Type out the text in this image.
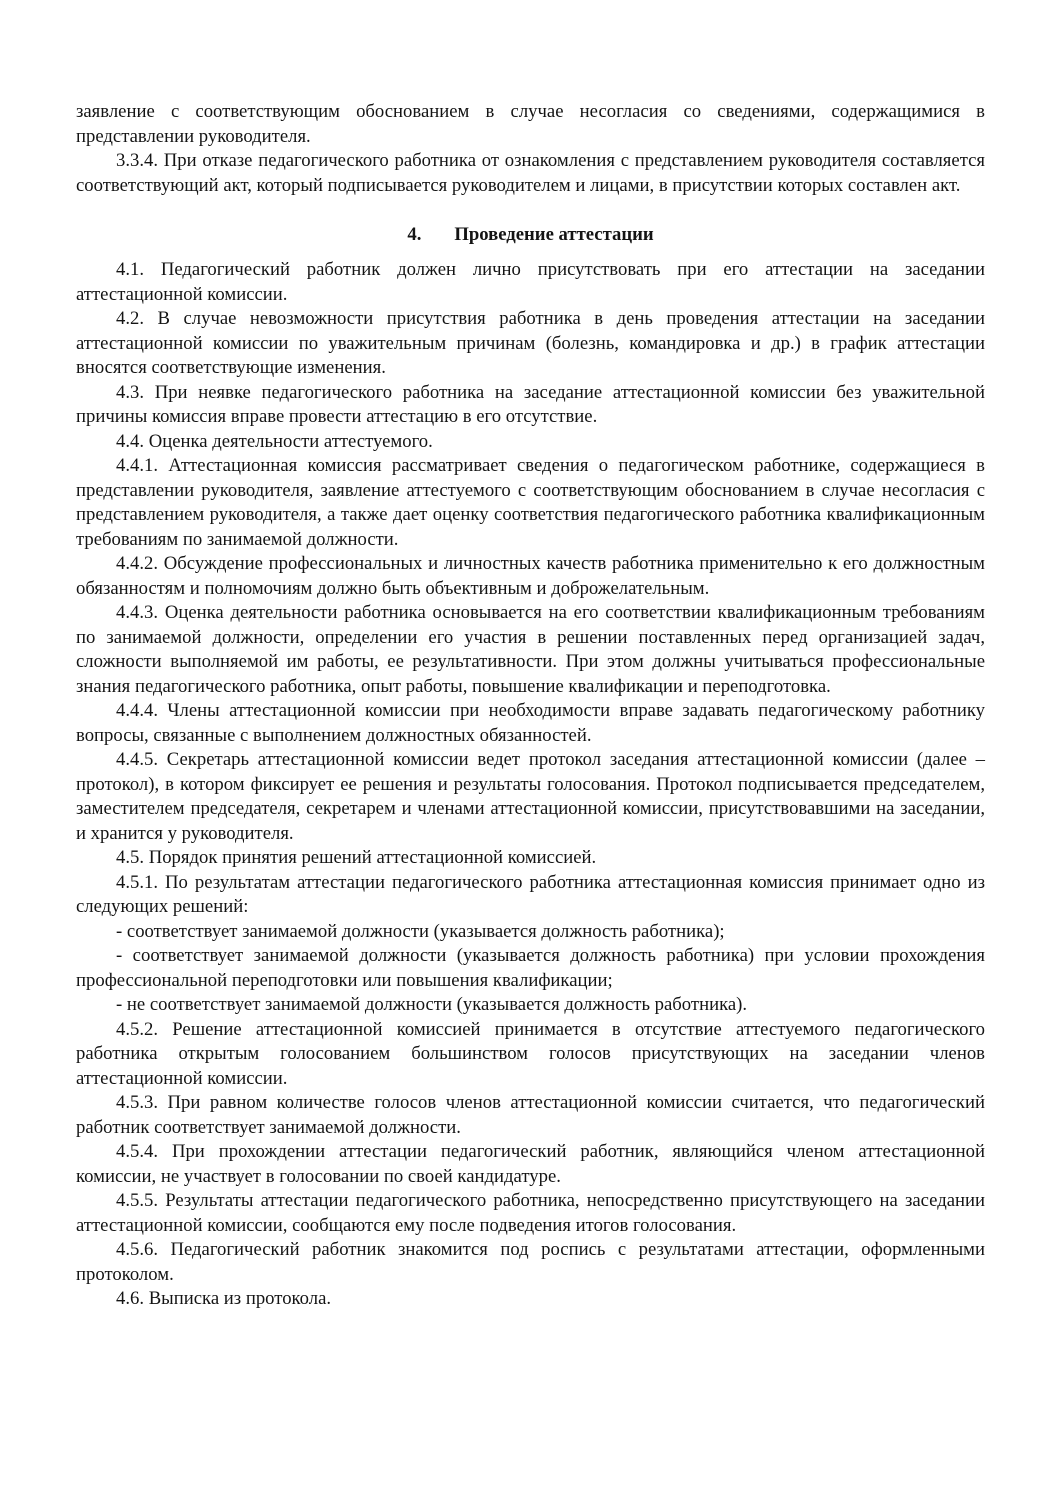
заявление с соответствующим обоснованием в случае несогласия со сведениями, содержащимися в представлении руководителя.

3.3.4. При отказе педагогического работника от ознакомления с представлением руководителя составляется соответствующий акт, который подписывается руководителем и лицами, в присутствии которых составлен акт.

4.	Проведение аттестации

4.1. Педагогический работник должен лично присутствовать при его аттестации на заседании аттестационной комиссии.

4.2. В случае невозможности присутствия работника в день проведения аттестации на заседании аттестационной комиссии по уважительным причинам (болезнь, командировка и др.) в график аттестации вносятся соответствующие изменения.

4.3. При неявке педагогического работника на заседание аттестационной комиссии без уважительной причины комиссия вправе провести аттестацию в его отсутствие.

4.4. Оценка деятельности аттестуемого.

4.4.1. Аттестационная комиссия рассматривает сведения о педагогическом работнике, содержащиеся в представлении руководителя, заявление аттестуемого с соответствующим обоснованием в случае несогласия с представлением руководителя, а также дает оценку соответствия педагогического работника квалификационным требованиям по занимаемой должности.

4.4.2. Обсуждение профессиональных и личностных качеств работника применительно к его должностным обязанностям и полномочиям должно быть объективным и доброжелательным.

4.4.3. Оценка деятельности работника основывается на его соответствии квалификационным требованиям по занимаемой должности, определении его участия в решении поставленных перед организацией задач, сложности выполняемой им работы, ее результативности. При этом должны учитываться профессиональные знания педагогического работника, опыт работы, повышение квалификации и переподготовка.

4.4.4. Члены аттестационной комиссии при необходимости вправе задавать педагогическому работнику вопросы, связанные с выполнением должностных обязанностей.

4.4.5. Секретарь аттестационной комиссии ведет протокол заседания аттестационной комиссии (далее – протокол), в котором фиксирует ее решения и результаты голосования. Протокол подписывается председателем, заместителем председателя, секретарем и членами аттестационной комиссии, присутствовавшими на заседании, и хранится у руководителя.

4.5. Порядок принятия решений аттестационной комиссией.

4.5.1. По результатам аттестации педагогического работника аттестационная комиссия принимает одно из следующих решений:

- соответствует занимаемой должности (указывается должность работника);

- соответствует занимаемой должности (указывается должность работника) при условии прохождения профессиональной переподготовки или повышения квалификации;

- не соответствует занимаемой должности (указывается должность работника).

4.5.2. Решение аттестационной комиссией принимается в отсутствие аттестуемого педагогического работника открытым голосованием большинством голосов присутствующих на заседании членов аттестационной комиссии.

4.5.3. При равном количестве голосов членов аттестационной комиссии считается, что педагогический работник соответствует занимаемой должности.

4.5.4. При прохождении аттестации педагогический работник, являющийся членом аттестационной комиссии, не участвует в голосовании по своей кандидатуре.

4.5.5. Результаты аттестации педагогического работника, непосредственно присутствующего на заседании аттестационной комиссии, сообщаются ему после подведения итогов голосования.

4.5.6. Педагогический работник знакомится под роспись с результатами аттестации, оформленными протоколом.

4.6. Выписка из протокола.
